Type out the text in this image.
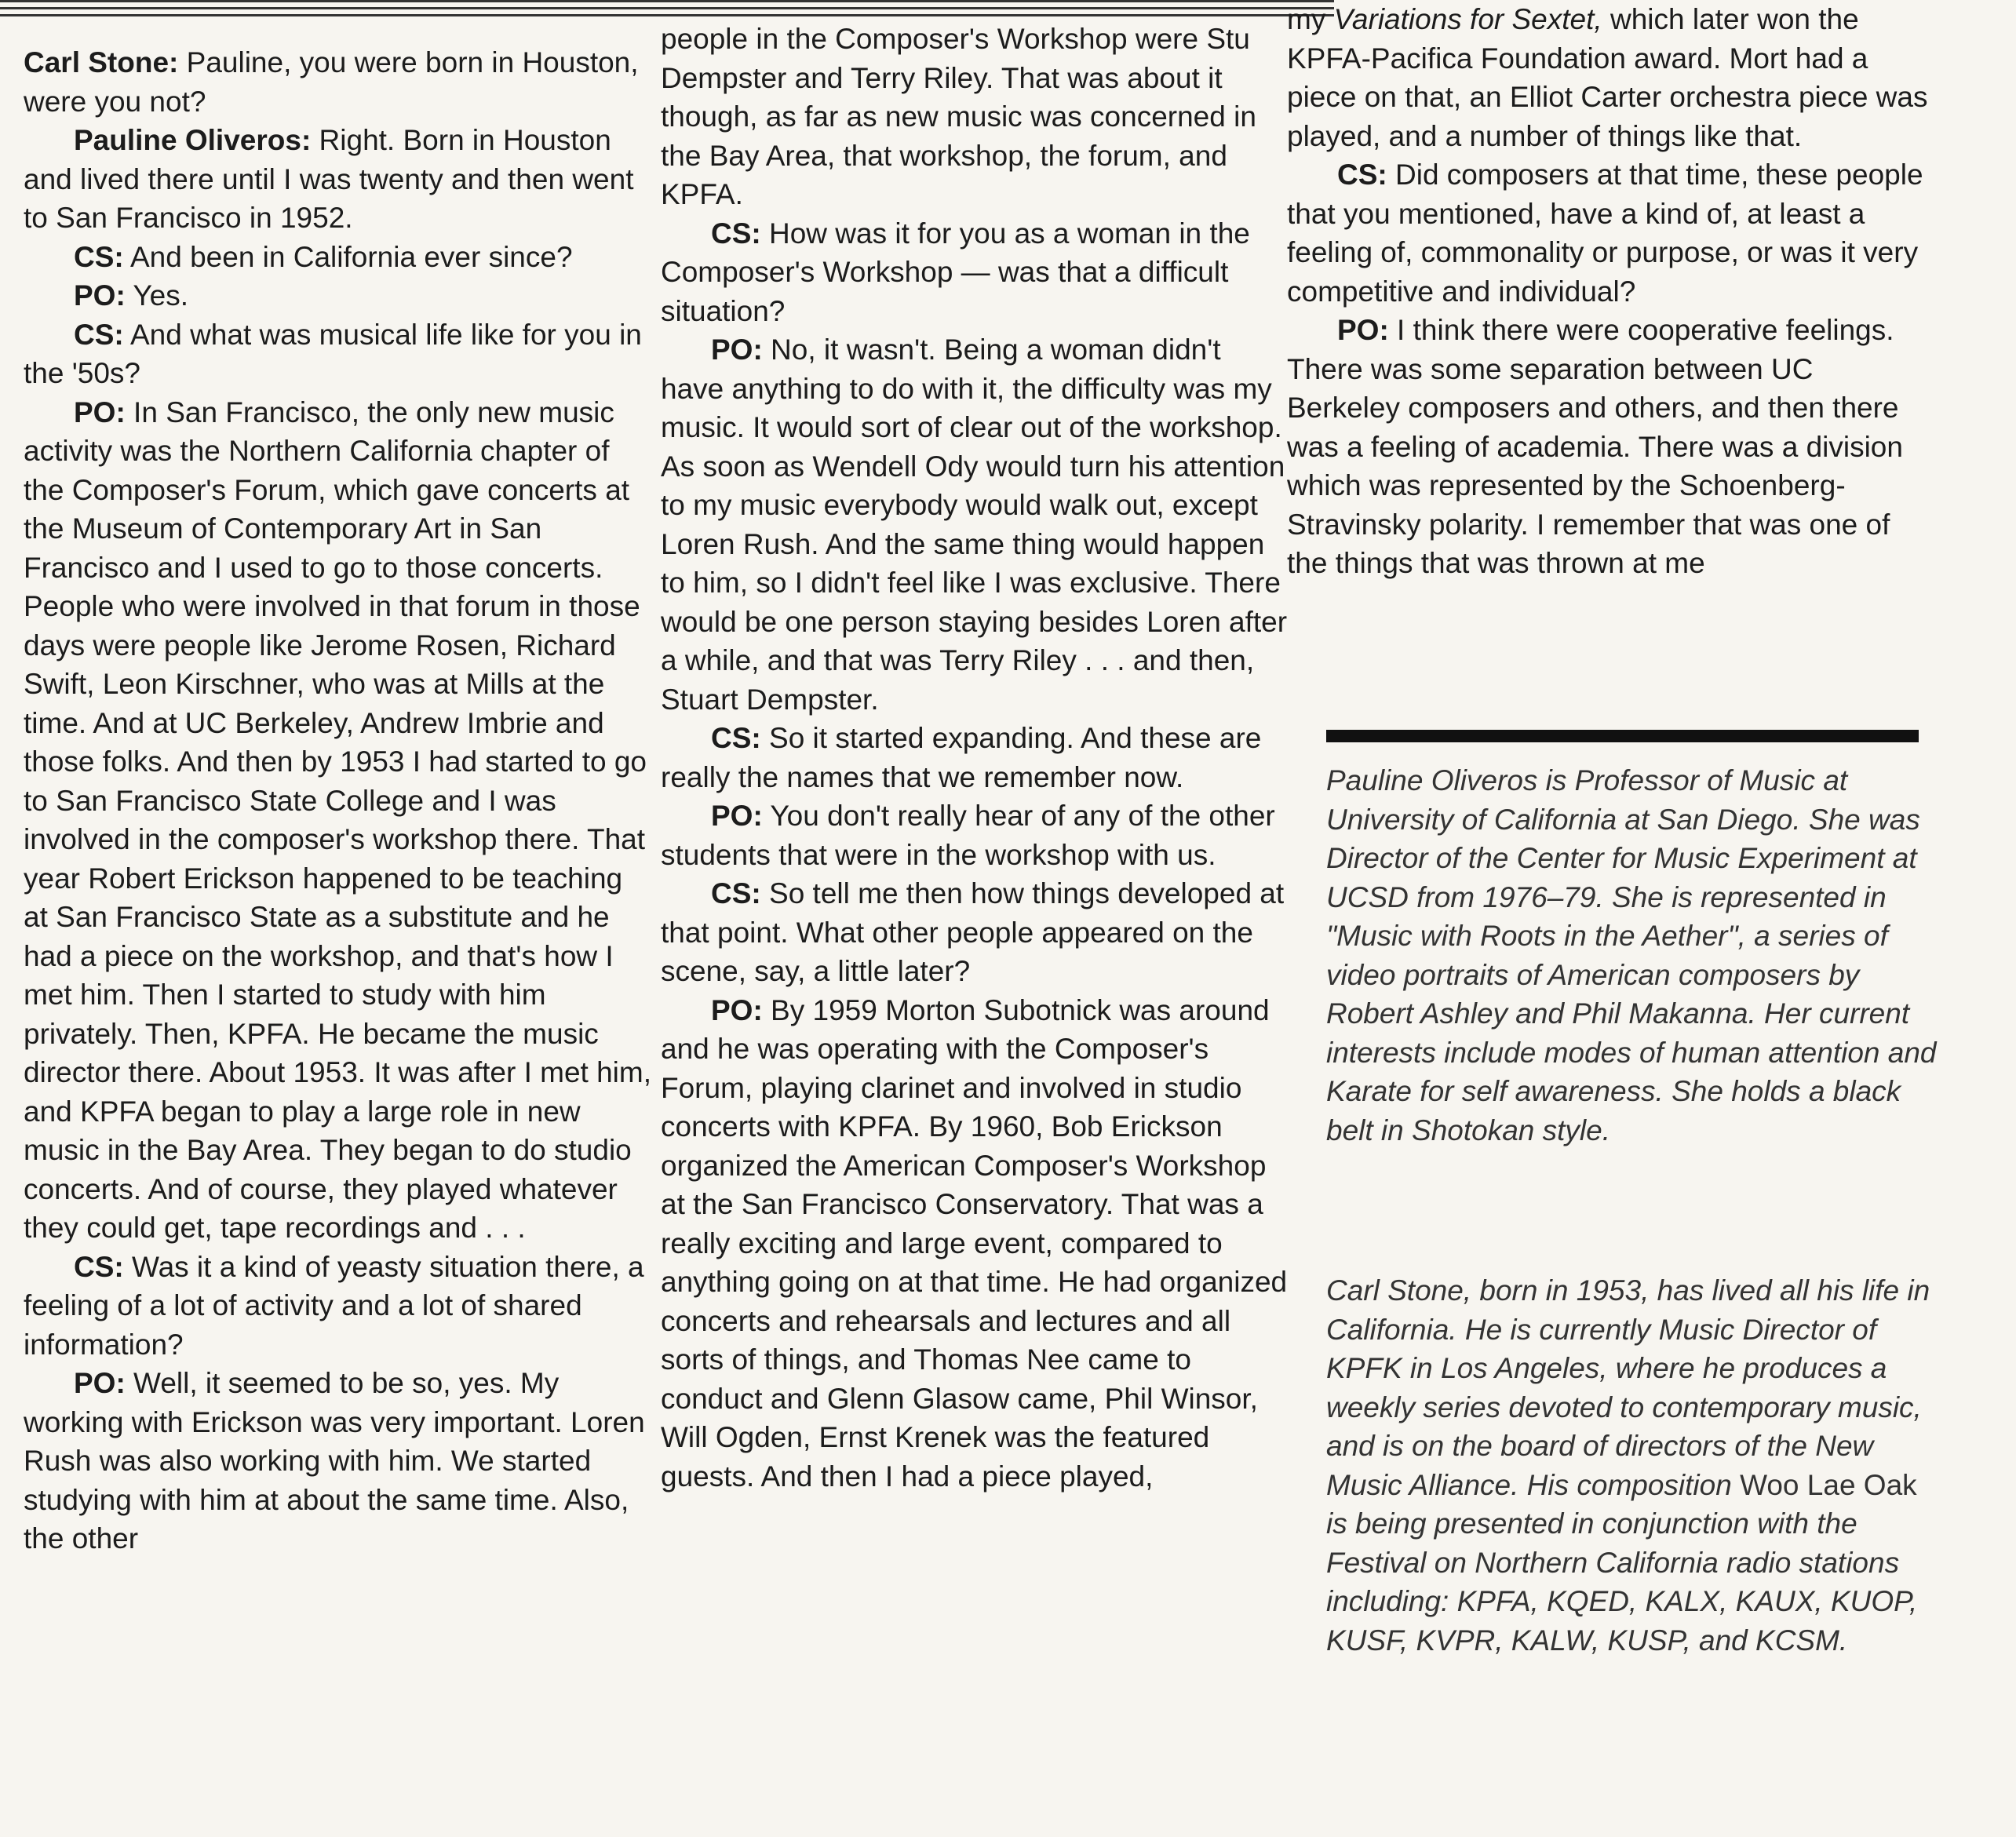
Carl Stone: Pauline, you were born in Houston, were you not?

Pauline Oliveros: Right. Born in Houston and lived there until I was twenty and then went to San Francisco in 1952.

CS: And been in California ever since?

PO: Yes.

CS: And what was musical life like for you in the '50s?

PO: In San Francisco, the only new music activity was the Northern California chapter of the Composer's Forum, which gave concerts at the Museum of Contemporary Art in San Francisco and I used to go to those concerts. People who were involved in that forum in those days were people like Jerome Rosen, Richard Swift, Leon Kirschner, who was at Mills at the time. And at UC Berkeley, Andrew Imbrie and those folks. And then by 1953 I had started to go to San Francisco State College and I was involved in the composer's workshop there. That year Robert Erickson happened to be teaching at San Francisco State as a substitute and he had a piece on the workshop, and that's how I met him. Then I started to study with him privately. Then, KPFA. He became the music director there. About 1953. It was after I met him, and KPFA began to play a large role in new music in the Bay Area. They began to do studio concerts. And of course, they played whatever they could get, tape recordings and . . .

CS: Was it a kind of yeasty situation there, a feeling of a lot of activity and a lot of shared information?

PO: Well, it seemed to be so, yes. My working with Erickson was very important. Loren Rush was also working with him. We started studying with him at about the same time. Also, the other

people in the Composer's Workshop were Stu Dempster and Terry Riley. That was about it though, as far as new music was concerned in the Bay Area, that workshop, the forum, and KPFA.

CS: How was it for you as a woman in the Composer's Workshop — was that a difficult situation?

PO: No, it wasn't. Being a woman didn't have anything to do with it, the difficulty was my music. It would sort of clear out of the workshop. As soon as Wendell Ody would turn his attention to my music everybody would walk out, except Loren Rush. And the same thing would happen to him, so I didn't feel like I was exclusive. There would be one person staying besides Loren after a while, and that was Terry Riley . . . and then, Stuart Dempster.

CS: So it started expanding. And these are really the names that we remember now.

PO: You don't really hear of any of the other students that were in the workshop with us.

CS: So tell me then how things developed at that point. What other people appeared on the scene, say, a little later?

PO: By 1959 Morton Subotnick was around and he was operating with the Composer's Forum, playing clarinet and involved in studio concerts with KPFA. By 1960, Bob Erickson organized the American Composer's Workshop at the San Francisco Conservatory. That was a really exciting and large event, compared to anything going on at that time. He had organized concerts and rehearsals and lectures and all sorts of things, and Thomas Nee came to conduct and Glenn Glasow came, Phil Winsor, Will Ogden, Ernst Krenek was the featured guests. And then I had a piece played,

my Variations for Sextet, which later won the KPFA-Pacifica Foundation award. Mort had a piece on that, an Elliot Carter orchestra piece was played, and a number of things like that.

CS: Did composers at that time, these people that you mentioned, have a kind of, at least a feeling of, commonality or purpose, or was it very competitive and individual?

PO: I think there were cooperative feelings. There was some separation between UC Berkeley composers and others, and then there was a feeling of academia. There was a division which was represented by the Schoenberg-Stravinsky polarity. I remember that was one of the things that was thrown at me

Pauline Oliveros is Professor of Music at University of California at San Diego. She was Director of the Center for Music Experiment at UCSD from 1976–79. She is represented in "Music with Roots in the Aether", a series of video portraits of American composers by Robert Ashley and Phil Makanna. Her current interests include modes of human attention and Karate for self awareness. She holds a black belt in Shotokan style.

Carl Stone, born in 1953, has lived all his life in California. He is currently Music Director of KPFK in Los Angeles, where he produces a weekly series devoted to contemporary music, and is on the board of directors of the New Music Alliance. His composition Woo Lae Oak is being presented in conjunction with the Festival on Northern California radio stations including: KPFA, KQED, KALX, KAUX, KUOP, KUSF, KVPR, KALW, KUSP, and KCSM.
